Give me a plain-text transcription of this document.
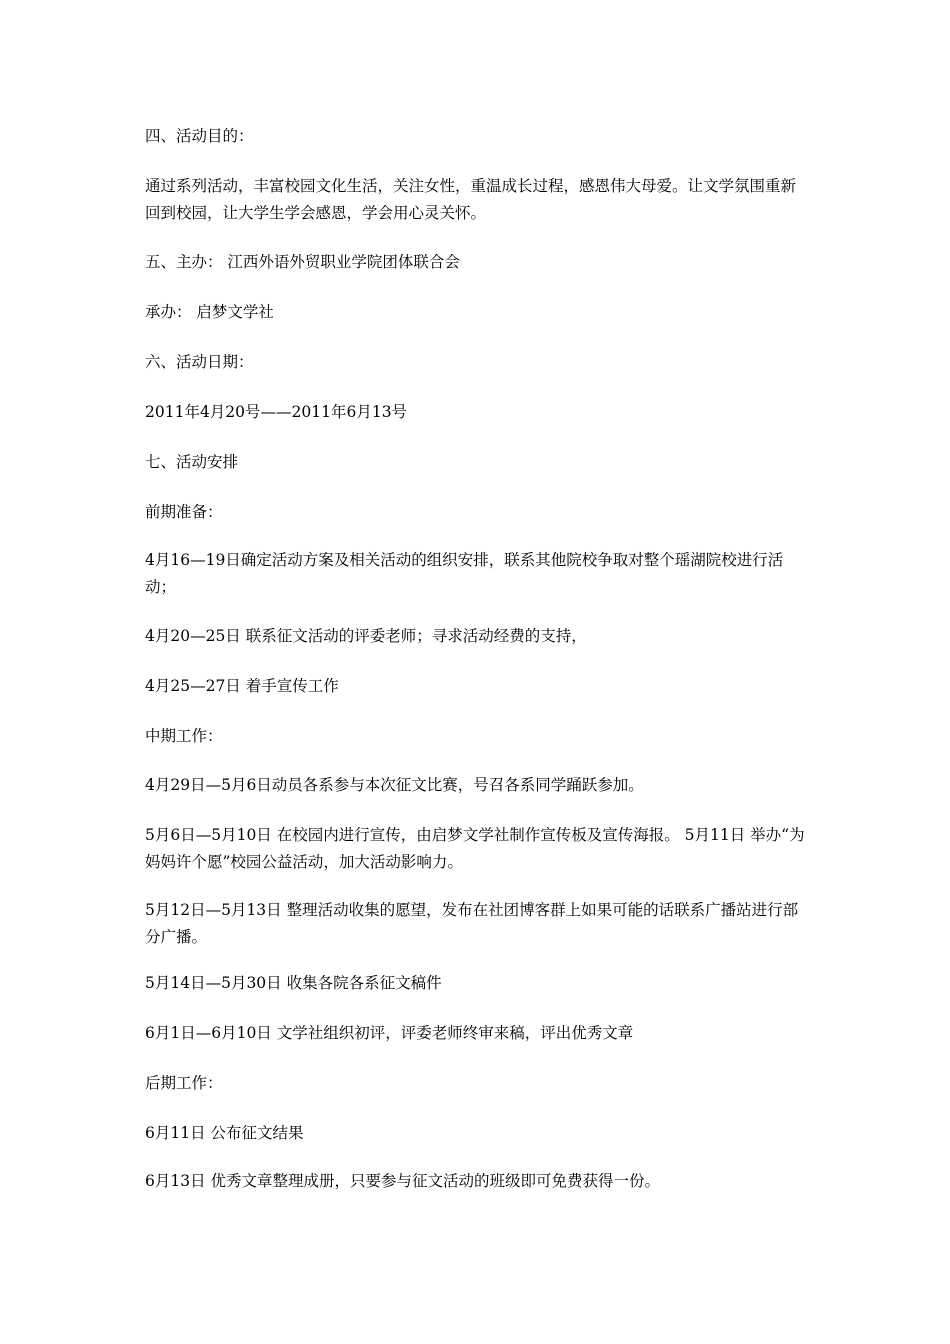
四、活动目的：

通过系列活动，丰富校园文化生活，关注女性，重温成长过程，感恩伟大母爱。让文学氛围重新回到校园，让大学生学会感恩，学会用心灵关怀。

五、主办： 江西外语外贸职业学院团体联合会

承办： 启梦文学社

六、活动日期：

2011年4月20号——2011年6月13号

七、活动安排

前期准备：

4月16—19日确定活动方案及相关活动的组织安排，联系其他院校争取对整个瑶湖院校进行活动；

4月20—25日 联系征文活动的评委老师；寻求活动经费的支持，

4月25—27日 着手宣传工作

中期工作：

4月29日—5月6日动员各系参与本次征文比赛，号召各系同学踊跃参加。

5月6日—5月10日 在校园内进行宣传，由启梦文学社制作宣传板及宣传海报。 5月11日 举办“为妈妈许个愿”校园公益活动，加大活动影响力。

5月12日—5月13日 整理活动收集的愿望，发布在社团博客群上如果可能的话联系广播站进行部分广播。

5月14日—5月30日 收集各院各系征文稿件

6月1日—6月10日 文学社组织初评，评委老师终审来稿，评出优秀文章

后期工作：

6月11日 公布征文结果

6月13日 优秀文章整理成册，只要参与征文活动的班级即可免费获得一份。
